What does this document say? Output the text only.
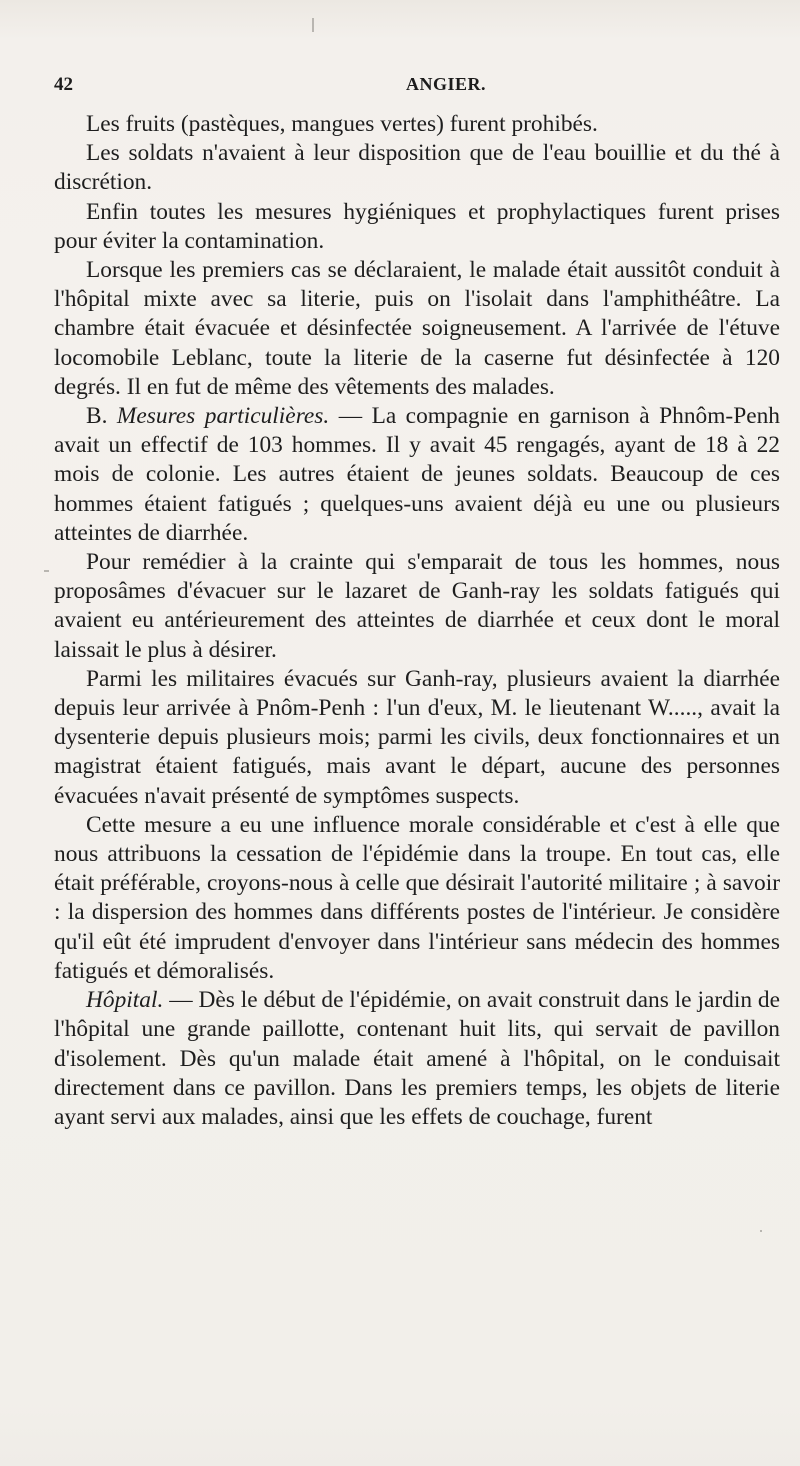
42	ANGIER.

Les fruits (pastèques, mangues vertes) furent prohibés.

Les soldats n'avaient à leur disposition que de l'eau bouillie et du thé à discrétion.

Enfin toutes les mesures hygiéniques et prophylactiques furent prises pour éviter la contamination.

Lorsque les premiers cas se déclaraient, le malade était aussitôt conduit à l'hôpital mixte avec sa literie, puis on l'isolait dans l'amphithéâtre. La chambre était évacuée et désinfectée soigneusement. A l'arrivée de l'étuve locomobile Leblanc, toute la literie de la caserne fut désinfectée à 120 degrés. Il en fut de même des vêtements des malades.

B. Mesures particulières. — La compagnie en garnison à Phnôm-Penh avait un effectif de 103 hommes. Il y avait 45 rengagés, ayant de 18 à 22 mois de colonie. Les autres étaient de jeunes soldats. Beaucoup de ces hommes étaient fatigués ; quelques-uns avaient déjà eu une ou plusieurs atteintes de diarrhée.

Pour remédier à la crainte qui s'emparait de tous les hommes, nous proposâmes d'évacuer sur le lazaret de Ganh-ray les soldats fatigués qui avaient eu antérieurement des atteintes de diarrhée et ceux dont le moral laissait le plus à désirer.

Parmi les militaires évacués sur Ganh-ray, plusieurs avaient la diarrhée depuis leur arrivée à Pnôm-Penh : l'un d'eux, M. le lieutenant W....., avait la dysenterie depuis plusieurs mois; parmi les civils, deux fonctionnaires et un magistrat étaient fatigués, mais avant le départ, aucune des personnes évacuées n'avait présenté de symptômes suspects.

Cette mesure a eu une influence morale considérable et c'est à elle que nous attribuons la cessation de l'épidémie dans la troupe. En tout cas, elle était préférable, croyons-nous à celle que désirait l'autorité militaire ; à savoir : la dispersion des hommes dans différents postes de l'intérieur. Je considère qu'il eût été imprudent d'envoyer dans l'intérieur sans médecin des hommes fatigués et démoralisés.

Hôpital. — Dès le début de l'épidémie, on avait construit dans le jardin de l'hôpital une grande paillotte, contenant huit lits, qui servait de pavillon d'isolement. Dès qu'un malade était amené à l'hôpital, on le conduisait directement dans ce pavillon. Dans les premiers temps, les objets de literie ayant servi aux malades, ainsi que les effets de couchage, furent
